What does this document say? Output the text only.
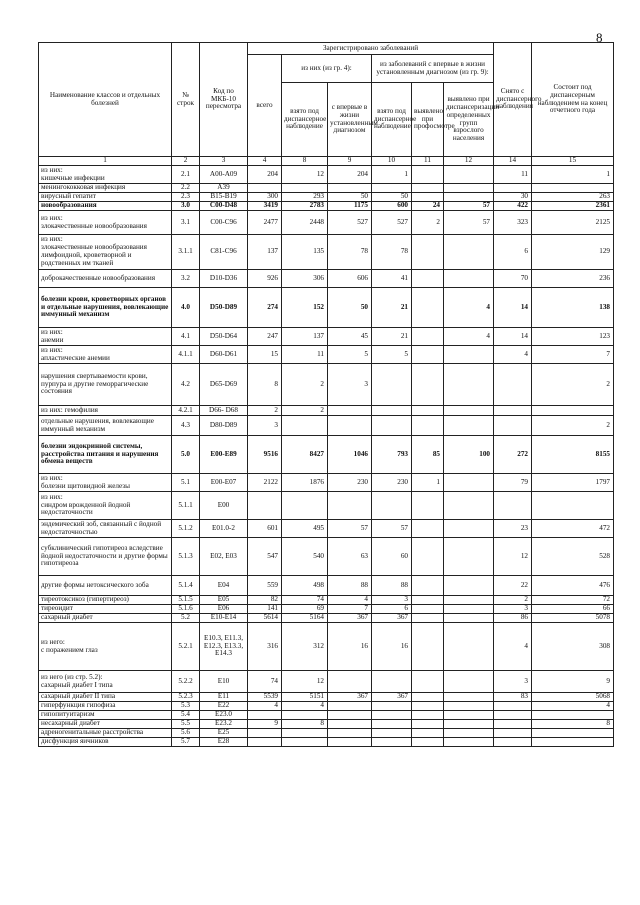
8
Наименование классов и отдельных болезней	№ строк	Код по МКБ-10 пересмотра	Зарегистрировано заболеваний						Снято с диспансерного наблюдения	Состоит под диспансерным наблюдением на конец отчетного года
			всего	из них (из гр. 4):		из заболеваний с впервые в жизни установленным диагнозом (из гр. 9):				
				взято под диспансерное наблюдение	с впервые в жизни установленным диагнозом	взято под диспансерное наблюдение	выявлено при профосмотре	выявлено при диспансеризации определенных групп взрослого населения		
1	2	3	4	8	9	10	11	12	14	15

из них:
кишечные инфекции	2.1	A00-A09	204	12	204	1			11	1
менингококковая инфекция	2.2	A39								
вирусный гепатит	2.3	B15-B19	300	293	50	50			30	263
новообразования	3.0	C00-D48	3419	2783	1175	600	24	57	422	2361

из них:
злокачественные новообразования	3.1	C00-C96	2477	2448	527	527	2	57	323	2125

из них:
злокачественные новообразования лимфоидной, кроветворной и родственных им тканей	3.1.1	C81-C96	137	135	78	78			6	129
доброкачественные новообразования	3.2	D10-D36	926	306	606	41			70	236
болезни крови, кроветворных органов и отдельные нарушения, вовлекающие иммунный механизм	4.0	D50-D89	274	152	50	21		4	14	138

из них:
анемии	4.1	D50-D64	247	137	45	21		4	14	123

из них:
апластические анемии	4.1.1	D60-D61	15	11	5	5			4	7
нарушения свертываемости крови, пурпура и другие геморрагические состояния	4.2	D65-D69	8	2	3					2
из них: гемофилия	4.2.1	D66- D68	2	2						
отдельные нарушения, вовлекающие иммунный механизм	4.3	D80-D89	3							2
болезни эндокринной системы, расстройства питания и нарушения обмена веществ	5.0	E00-E89	9516	8427	1046	793	85	100	272	8155

из них:
болезни щитовидной железы	5.1	E00-E07	2122	1876	230	230	1		79	1797

из них:
синдром врожденной йодной недостаточности	5.1.1	E00								
эндемический зоб, связанный с йодной недостаточностью	5.1.2	E01.0-2	601	495	57	57			23	472
субклинический гипотиреоз вследствие йодной недостаточности и другие формы гипотиреоза	5.1.3	E02, E03	547	540	63	60			12	528
другие формы нетоксического зоба	5.1.4	E04	559	498	88	88			22	476
тиреотоксикоз (гипертиреоз)	5.1.5	E05	82	74	4	3			2	72
тиреоидит	5.1.6	E06	141	69	7	6			3	66
сахарный диабет	5.2	E10-E14	5614	5164	367	367			86	5078

из него:
с поражением глаз	5.2.1	E10.3, E11.3, E12.3, E13.3, E14.3	316	312	16	16			4	308

из него (из стр. 5.2):
сахарный диабет I типа	5.2.2	E10	74	12					3	9
сахарный диабет II типа	5.2.3	E11	5539	5151	367	367			83	5068
гиперфункция гипофиза	5.3	E22	4	4						4
гипопитуитаризм	5.4	E23.0								
несахарный диабет	5.5	E23.2	9	8						8
адреногенитальные расстройства	5.6	E25								
дисфункция яичников	5.7	E28								
